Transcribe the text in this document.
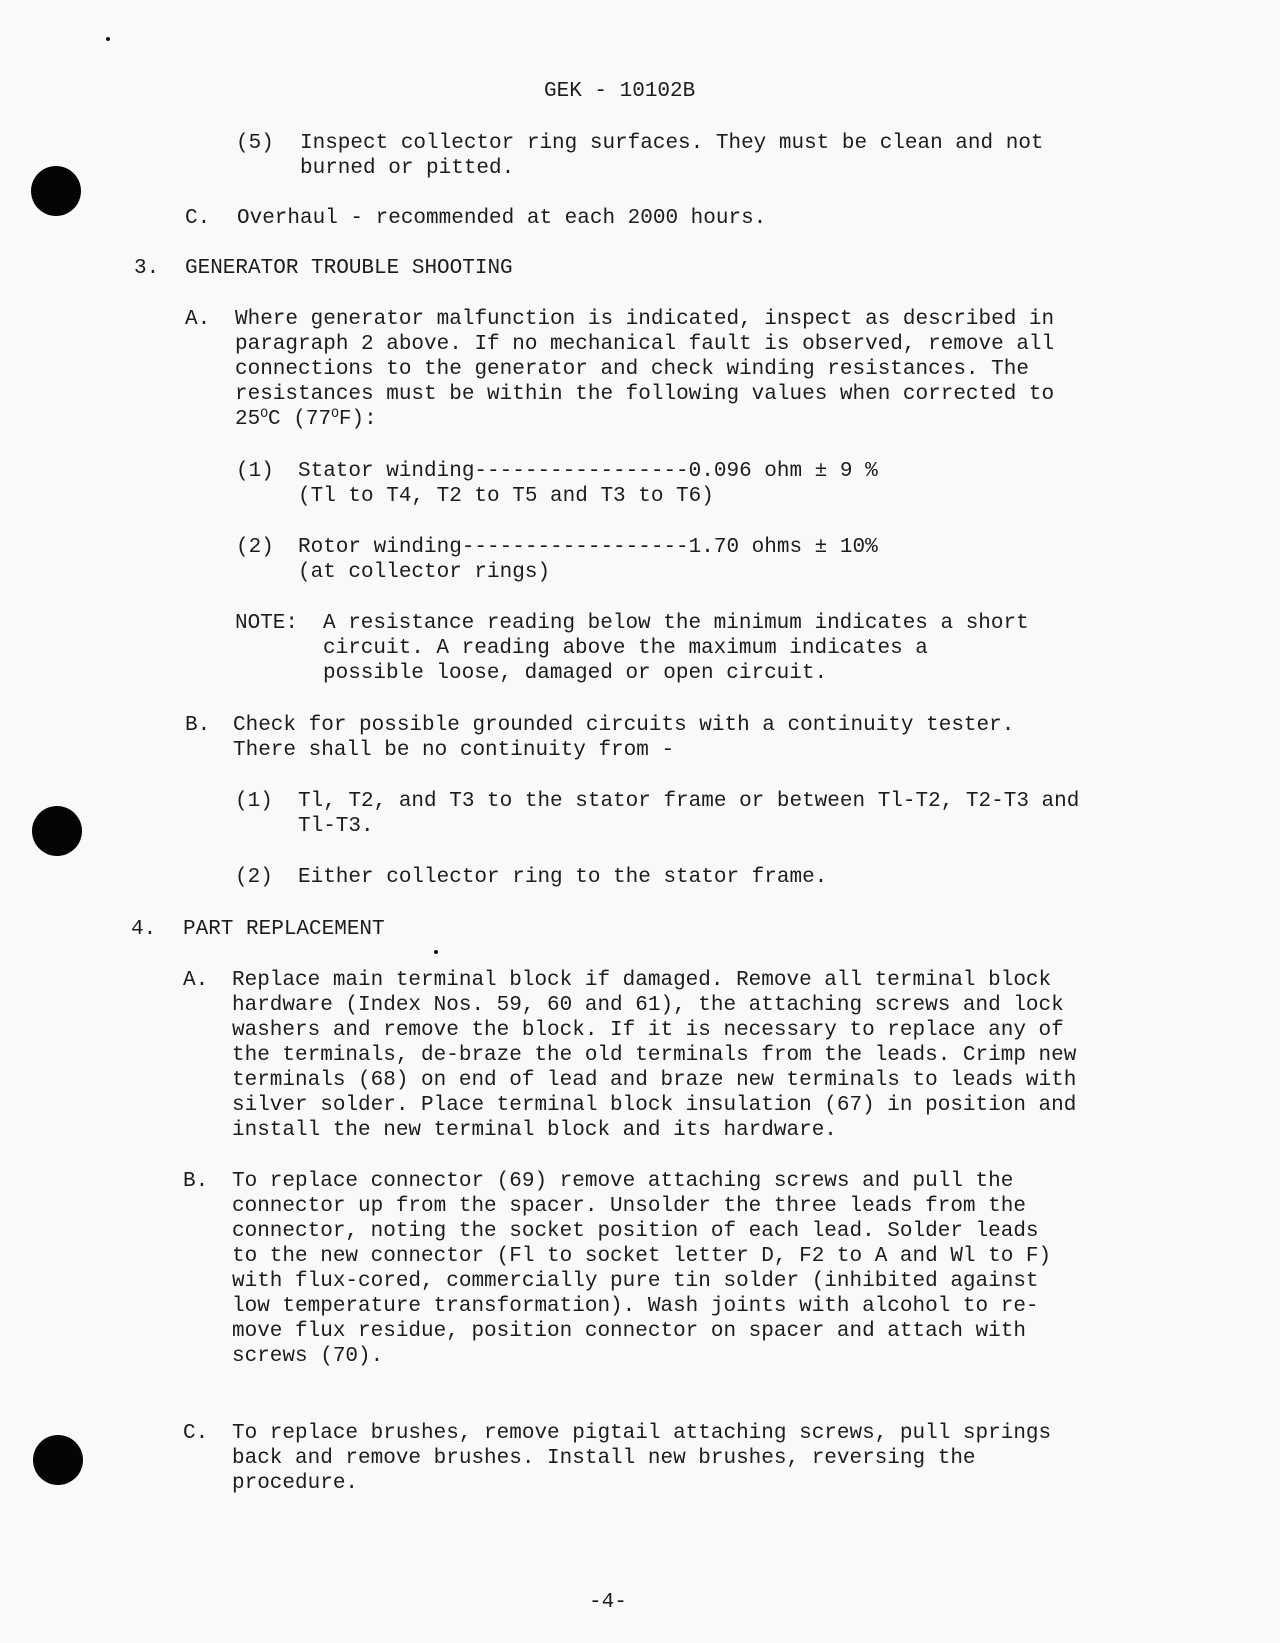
GEK - 10102B
(5) Inspect collector ring surfaces. They must be clean and not
burned or pitted.
C. Overhaul - recommended at each 2000 hours.
3. GENERATOR TROUBLE SHOOTING
A. Where generator malfunction is indicated, inspect as described in
paragraph 2 above. If no mechanical fault is observed, remove all
connections to the generator and check winding resistances. The
resistances must be within the following values when corrected to
$25^OC$ $(77^OF)$:
(1) Stator winding-----------------0.096 ohm ± 9 %
(Tl to T4, T2 to T5 and T3 to T6)
(2) Rotor winding------------------1.70 ohms ± 10%
(at collector rings)
NOTE: A resistance reading below the minimum indicates a short
circuit. A reading above the maximum indicates a
possible loose, damaged or open circuit.
B. Check for possible grounded circuits with a continuity tester.
There shall be no continuity from -
(1) Tl, T2, and T3 to the stator frame or between Tl-T2, T2-T3 and
Tl-T3.
(2) Either collector ring to the stator frame.
4. PART REPLACEMENT
A. Replace main terminal block if damaged. Remove all terminal block
hardware (Index Nos. 59, 60 and 61), the attaching screws and lock
washers and remove the block. If it is necessary to replace any of
the terminals, de-braze the old terminals from the leads. Crimp new
terminals (68) on end of lead and braze new terminals to leads with
silver solder. Place terminal block insulation (67) in position and
install the new terminal block and its hardware.
B. To replace connector (69) remove attaching screws and pull the
connector up from the spacer. Unsolder the three leads from the
connector, noting the socket position of each lead. Solder leads
to the new connector (Fl to socket letter D, F2 to A and Wl to F)
with flux-cored, commercially pure tin solder (inhibited against
low temperature transformation). Wash joints with alcohol to re-
move flux residue, position connector on spacer and attach with
screws (70).
C. To replace brushes, remove pigtail attaching screws, pull springs
back and remove brushes. Install new brushes, reversing the
procedure.
-4-
